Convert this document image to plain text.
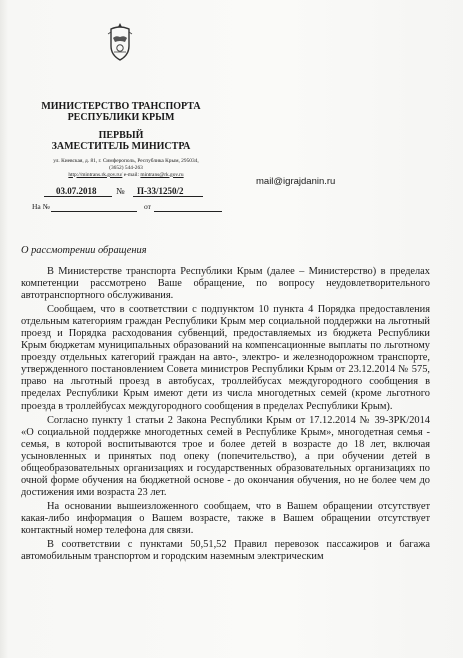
МИНИСТЕРСТВО ТРАНСПОРТА
РЕСПУБЛИКИ КРЫМ
ПЕРВЫЙ
ЗАМЕСТИТЕЛЬ МИНИСТРА
ул. Киевская, д. 81, г. Симферополь, Республика Крым, 295034,
(3652) 544-263
http://mintrans.rk.gov.ru/ e-mail: mintrans@rk.gov.ru
03.07.2018 № П-33/1250/2
На №	от
mail@igrajdanin.ru
О рассмотрении обращения

В Министерстве транспорта Республики Крым (далее – Министерство) в пределах компетенции рассмотрено Ваше обращение, по вопросу неудовлетворительного автотранспортного обслуживания.

Сообщаем, что в соответствии с подпунктом 10 пункта 4 Порядка предоставления отдельным категориям граждан Республики Крым мер социальной поддержки на льготный проезд и Порядка расходования субвенций, предоставляемых из бюджета Республики Крым бюджетам муниципальных образований на компенсационные выплаты по льготному проезду отдельных категорий граждан на авто-, электро- и железнодорожном транспорте, утвержденного постановлением Совета министров Республики Крым от 23.12.2014 № 575, право на льготный проезд в автобусах, троллейбусах междугородного сообщения в пределах Республики Крым имеют дети из числа многодетных семей (кроме льготного проезда в троллейбусах междугородного сообщения в пределах Республики Крым).

Согласно пункту 1 статьи 2 Закона Республики Крым от 17.12.2014 № 39-ЗРК/2014 «О социальной поддержке многодетных семей в Республике Крым», многодетная семья - семья, в которой воспитываются трое и более детей в возрасте до 18 лет, включая усыновленных и принятых под опеку (попечительство), а при обучении детей в общеобразовательных организациях и государственных образовательных организациях по очной форме обучения на бюджетной основе - до окончания обучения, но не более чем до достижения ими возраста 23 лет.

На основании вышеизложенного сообщаем, что в Вашем обращении отсутствует какая-либо информация о Вашем возрасте, также в Вашем обращении отсутствует контактный номер телефона для связи.

В соответствии с пунктами 50,51,52 Правил перевозок пассажиров и багажа автомобильным транспортом и городским наземным электрическим
